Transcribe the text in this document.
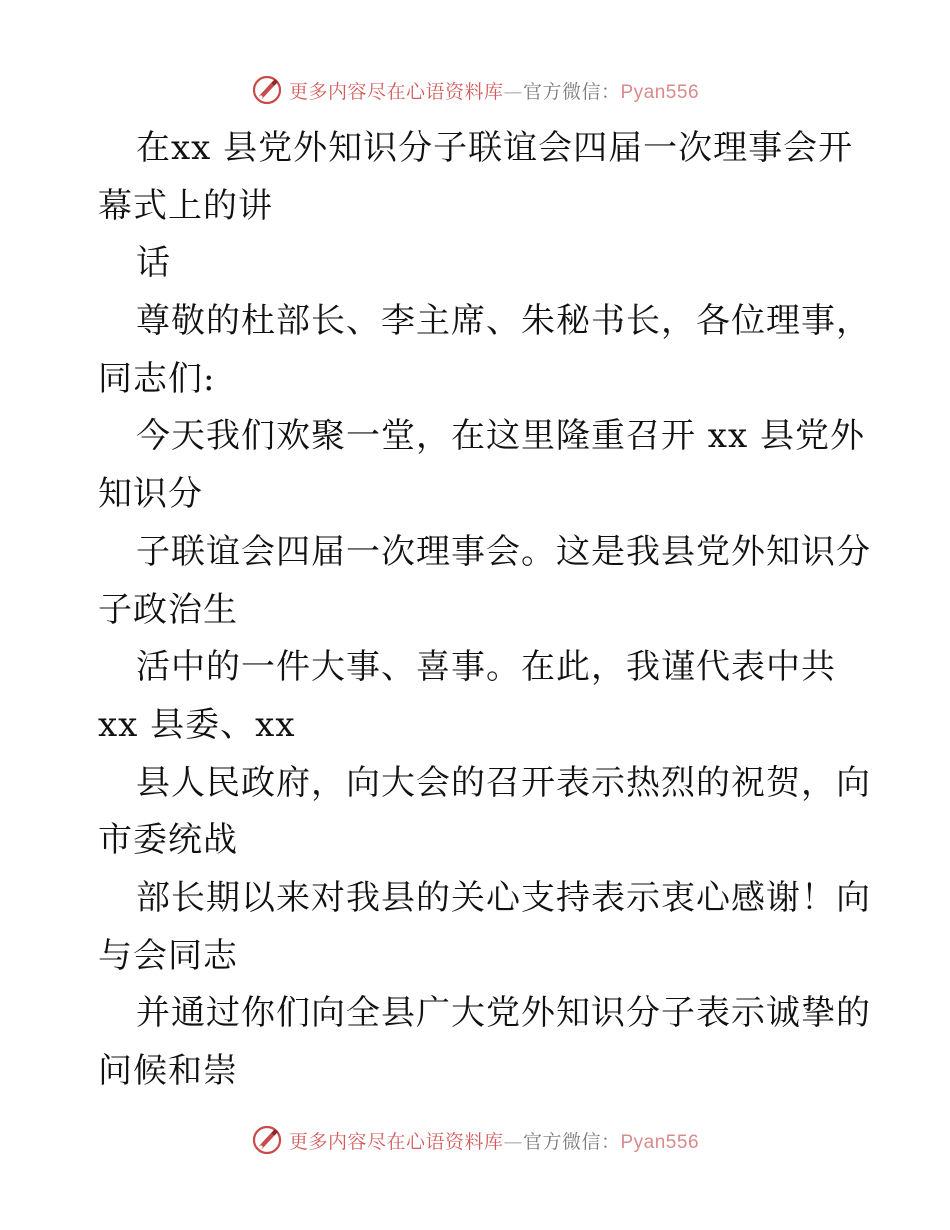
更多内容尽在心语资料库—官方微信：Pyan556
在xx 县党外知识分子联谊会四届一次理事会开
幕式上的讲
话
尊敬的杜部长、李主席、朱秘书长，各位理事，
同志们:
今天我们欢聚一堂，在这里隆重召开 xx 县党外
知识分
子联谊会四届一次理事会。这是我县党外知识分
子政治生
活中的一件大事、喜事。在此，我谨代表中共
xx 县委、xx
县人民政府，向大会的召开表示热烈的祝贺，向
市委统战
部长期以来对我县的关心支持表示衷心感谢！向
与会同志
并通过你们向全县广大党外知识分子表示诚挚的
问候和崇
更多内容尽在心语资料库—官方微信：Pyan556
